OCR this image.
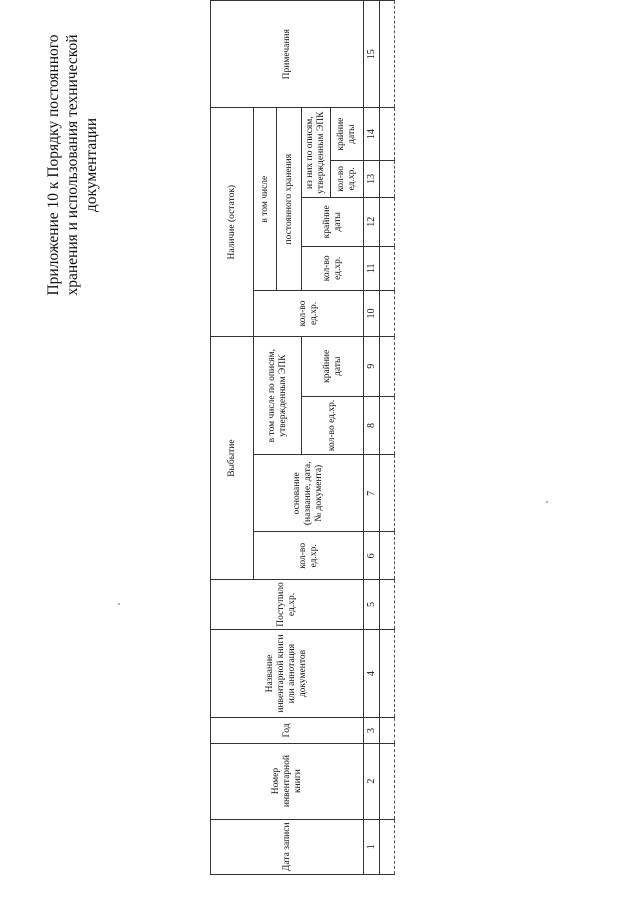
Приложение 10 к Порядку постоянного хранения и использования технической документации
Дата записи	Номер инвентарной книги	Год	Название инвентарной книги или аннотация документов	Поступило ед.хр.	Выбытие				Наличие (остаток)					Примечания
					кол-во ед.хр.	основание (название, дата, № документа)	в том числе по описям, утвержденным ЭПК		кол-во ед.хр.	в том числе				
										постоянного хранения				
							кол-во ед.хр.	крайние даты		кол-во ед.хр.	крайние даты	из них по описям, утвержденным ЭПК		
												кол-во ед.хр.	крайние даты	
1	2	3	4	5	6	7	8	9	10	11	12	13	14	15
